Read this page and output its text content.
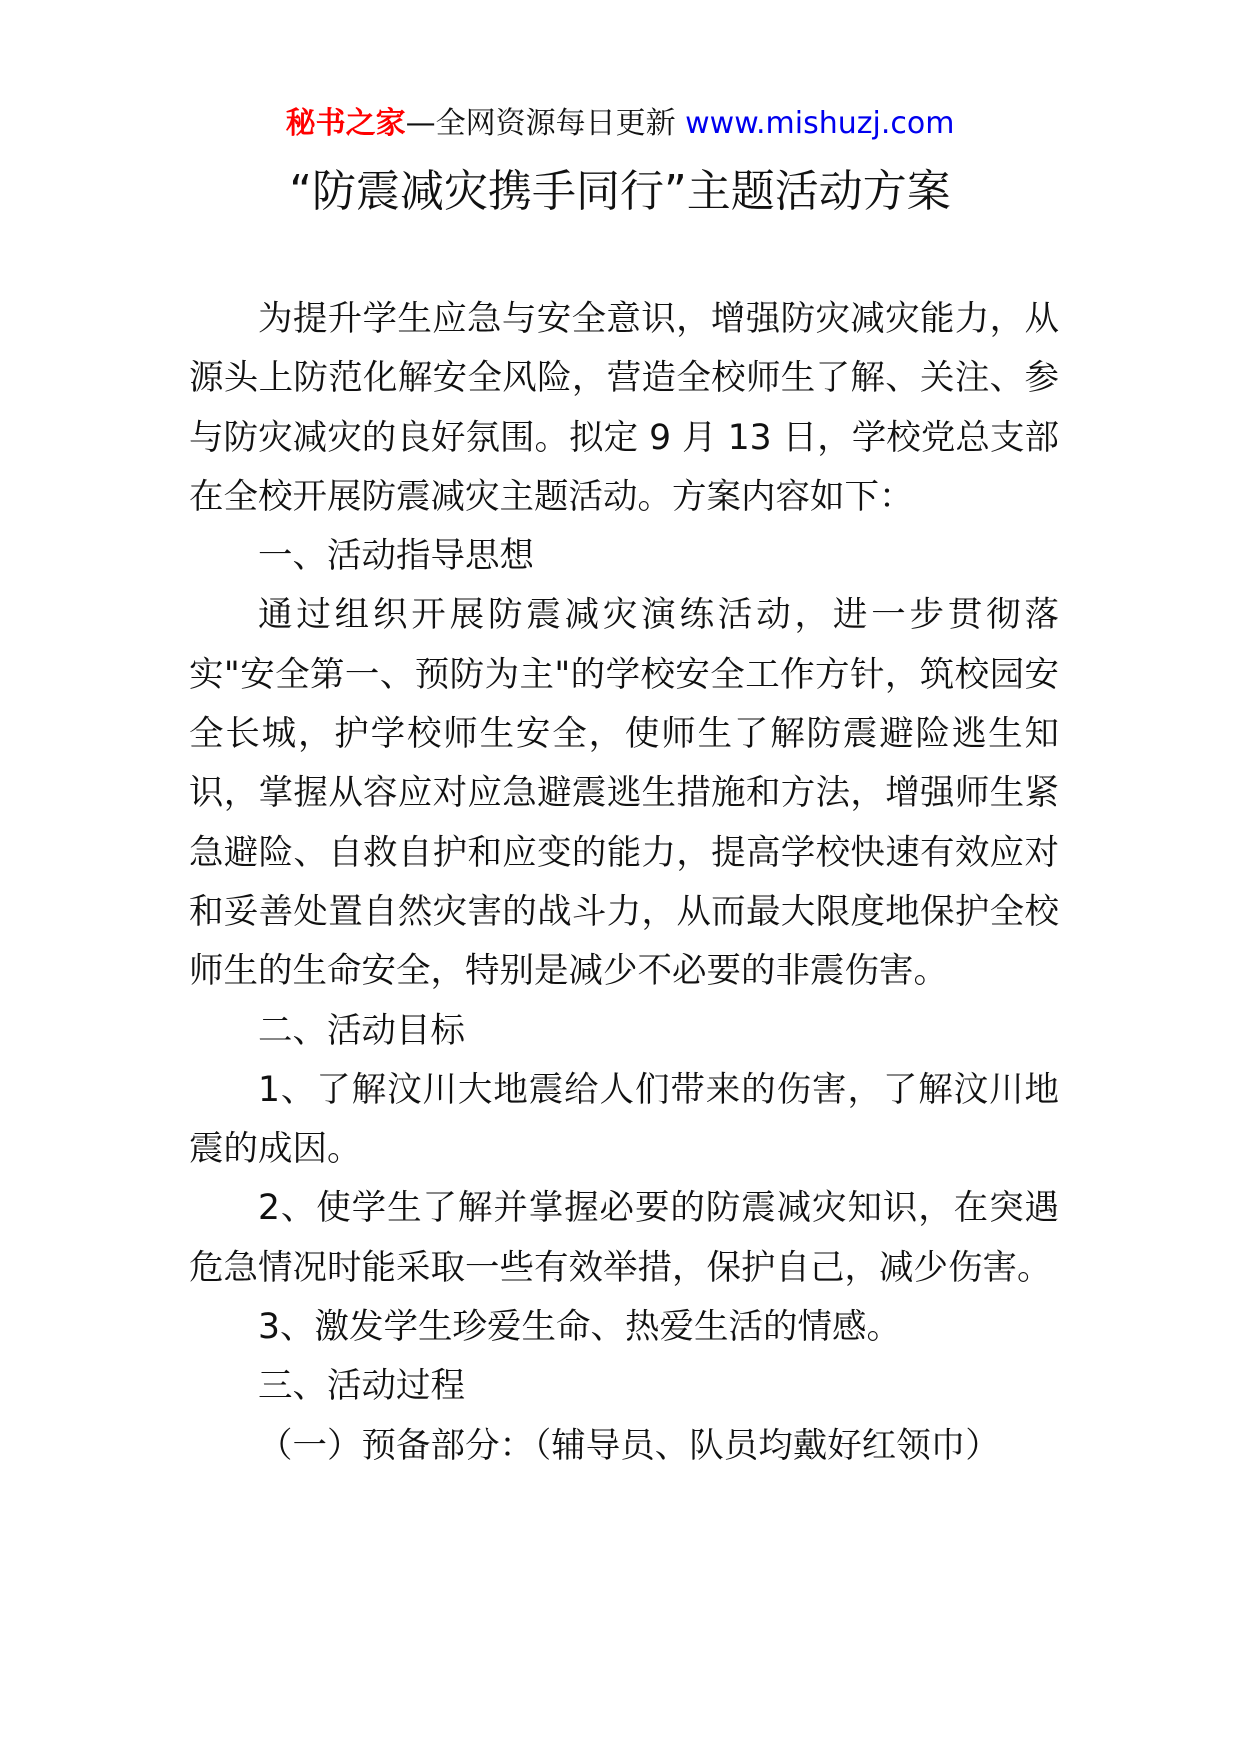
秘书之家—全网资源每日更新 www.mishuzj.com
“防震减灾携手同行”主题活动方案

为提升学生应急与安全意识，增强防灾减灾能力，从源头上防范化解安全风险，营造全校师生了解、关注、参与防灾减灾的良好氛围。拟定 9 月 13 日，学校党总支部在全校开展防震减灾主题活动。方案内容如下：

一、活动指导思想

通过组织开展防震减灾演练活动，进一步贯彻落实"安全第一、预防为主"的学校安全工作方针，筑校园安全长城，护学校师生安全，使师生了解防震避险逃生知识，掌握从容应对应急避震逃生措施和方法，增强师生紧急避险、自救自护和应变的能力，提高学校快速有效应对和妥善处置自然灾害的战斗力，从而最大限度地保护全校师生的生命安全，特别是减少不必要的非震伤害。

二、活动目标

1、了解汶川大地震给人们带来的伤害，了解汶川地震的成因。

2、使学生了解并掌握必要的防震减灾知识，在突遇危急情况时能采取一些有效举措，保护自己，减少伤害。

3、激发学生珍爱生命、热爱生活的情感。

三、活动过程

（一）预备部分：（辅导员、队员均戴好红领巾）
